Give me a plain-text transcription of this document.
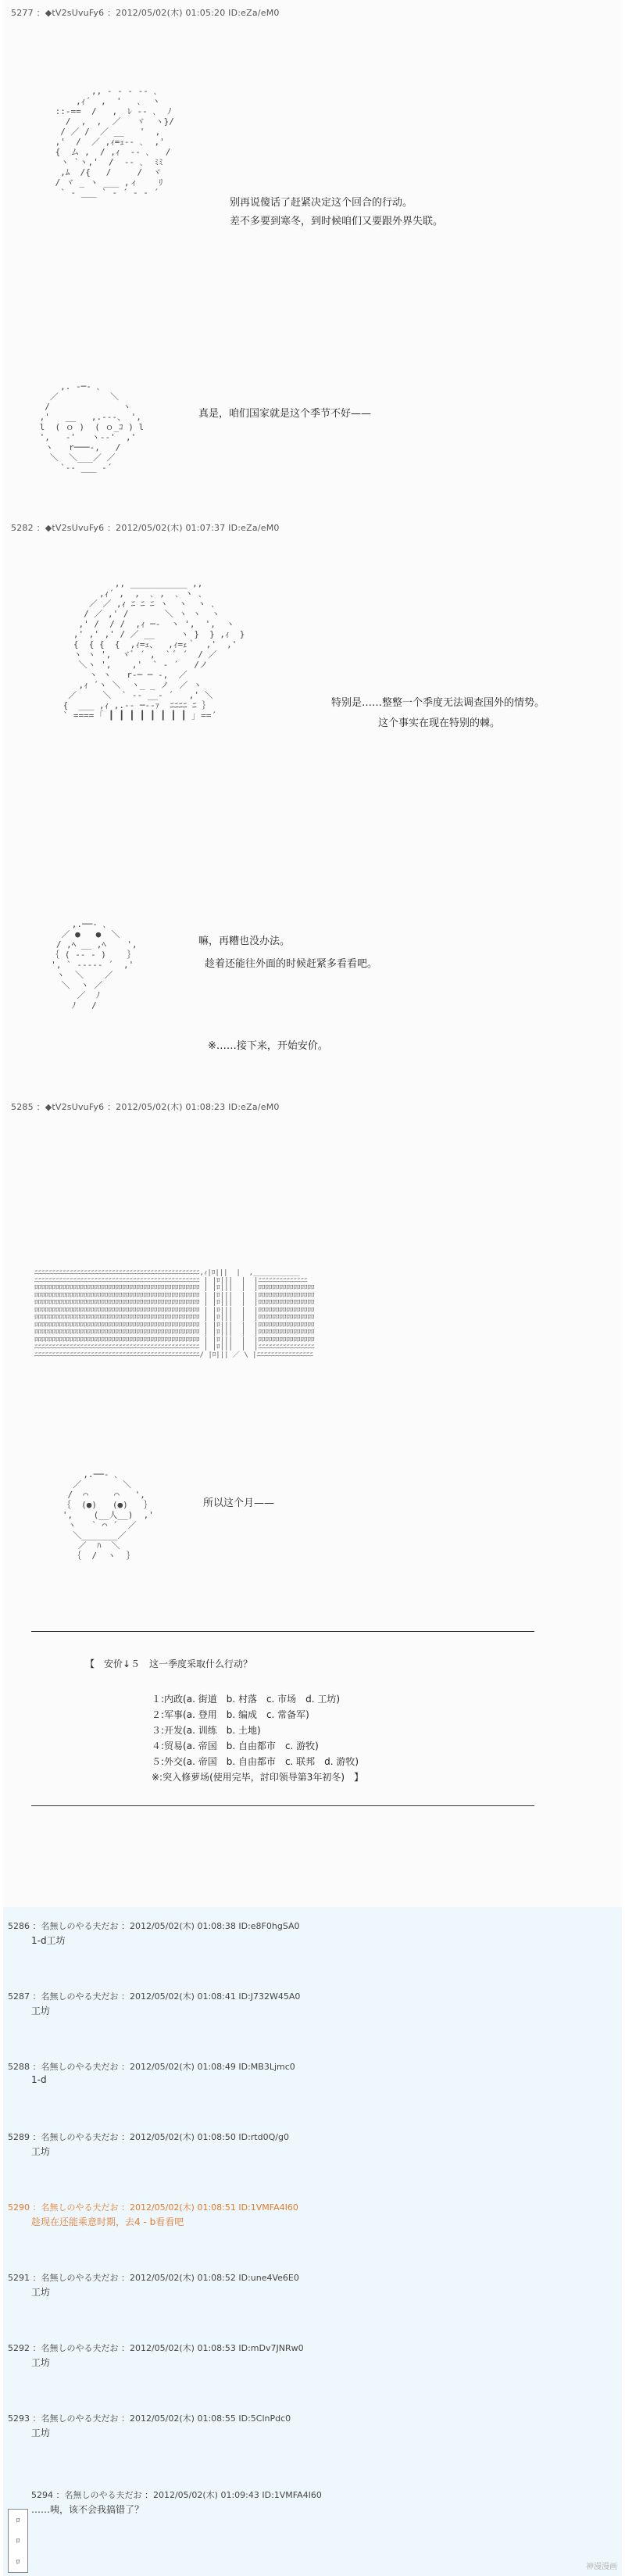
5277 ：◆tV2sUvuFy6 ：2012/05/02(木) 01:05:20 ID:eZa/eM0
,, ‐ ‐ ‐ ‐- ､
,ｨ´  ,  '   ､  ヽ
::-==  /   ,  ﾚ ‐- ､  ﾉ
/  ,  ,  ／   ヾ  ヽ}/
/ ／ /  ／ __   '  ,
,'  /  ／ ,ｨ=ｪ-‐ ､  ,'
{  ム ,  / ,ｨ  ‐- ､   /
ヽ `ヽ,'  /  ‐- ､  ﾐﾐ
,ﾑ  /{   /     /  ヾ
/ ヾ _ ヽ ___ ,ィ    ﾘ
` - ___ ` ‐ ´ ‐ ‐ ´
别再说傻话了赶紧决定这个回合的行动。
差不多要到寒冬，到时候咱们又要跟外界失联。
,. ‐─‐ ､
／          ＼
/              ヽ
,'   __   ,.-‐-、 ',
l  ( ｏ )  ( ｏ_ｺ ) l
',   ‐'   ヽ-‐'  ,'
ヽ   r───‐,   /
＼  ＼___／ ／
`‐- ___ ‐´
真是，咱们国家就是这个季节不好——
5282 ：◆tV2sUvuFy6 ：2012/05/02(木) 01:07:37 ID:eZa/eM0
,, ___________ ,,
,ｨ´ ,  ,  ､ ,  ､ ヽ ､
／ ／ ,ｨ ﾆ ﾆ ﾆ ヽ  ヽ  ヽ ､
/ ／ ,' /       ＼ ヽ ヽ  ヽ
,' /  / /  ,ｨ ─‐  ヽ ',  ',  ヽ
,' ,' ,' / ／ __     ヽ }  } ,ｨ  }
{  { {  {  ,ｨ=ｪ、  ,ｨ=ｪ｀  ,'  ,'
ヽ ヽ ',  ヾﾞ ´ ,  ` ﾞ ´  / ／
＼ヽ ',    ,'  ` ‐ ´   /ノ
ヽ ヽ   r‐─ ─ ‐,  ／
,ｨ ´ヽ ＼  ヽ_ _ ノ  ／ ヽ
／     ＼  ` ‐- __‐ ´   ,' ＼
{  ___ ,ｨ ,.-‐ ─‐-ｧ  ﾆﾆﾆﾆ ﾆ ｝
` ==== ｢ ┃ ┃ ┃ ┃ ┃ ┃ ┃ ┃ ｣ ==´
特别是……整整一个季度无法调查国外的情势。
这个事实在现在特别的棘。
,.──‐ ､
／ ●   ●  ＼
/ ,ﾍ __ ,ﾍ    ',
｛ ( ‐- ‐ )    ｝
', ` ‐---‐ ´  ,'
ヽ  ＼    ／
＼  ヽ ／
／  ﾉ
ﾉ   /
嘛，再糟也没办法。
趁着还能往外面的时候赶紧多看看吧。
※……接下来，开始安价。
5285 ：◆tV2sUvuFy6 ：2012/05/02(木) 01:08:23 ID:eZa/eM0
ﾆﾆﾆﾆﾆﾆﾆﾆﾆﾆﾆﾆﾆﾆﾆﾆﾆﾆﾆﾆﾆﾆﾆﾆﾆﾆﾆﾆﾆﾆﾆﾆﾆﾆﾆﾆﾆﾆﾆﾆﾆﾆﾆﾆﾆﾆﾆ,ｨ|ﾛ|||  |  ,___________
ﾆﾆﾆﾆﾆﾆﾆﾆﾆﾆﾆﾆﾆﾆﾆﾆﾆﾆﾆﾆﾆﾆﾆﾆﾆﾆﾆﾆﾆﾆﾆﾆﾆﾆﾆﾆﾆﾆﾆﾆﾆﾆﾆﾆﾆﾆﾆ | |ﾛ|||  |  |ﾆﾆﾆﾆﾆﾆﾆﾆﾆﾆﾆﾆﾆﾆ
ﾛﾛﾛﾛﾛﾛﾛﾛﾛﾛﾛﾛﾛﾛﾛﾛﾛﾛﾛﾛﾛﾛﾛﾛﾛﾛﾛﾛﾛﾛﾛﾛﾛﾛﾛﾛﾛﾛﾛﾛﾛﾛﾛﾛﾛﾛﾛ | |ﾛ|||  |  |ﾛﾛﾛﾛﾛﾛﾛﾛﾛﾛﾛﾛﾛﾛﾛﾛ
ﾛﾛﾛﾛﾛﾛﾛﾛﾛﾛﾛﾛﾛﾛﾛﾛﾛﾛﾛﾛﾛﾛﾛﾛﾛﾛﾛﾛﾛﾛﾛﾛﾛﾛﾛﾛﾛﾛﾛﾛﾛﾛﾛﾛﾛﾛﾛ | |ﾛ|||  |  |ﾛﾛﾛﾛﾛﾛﾛﾛﾛﾛﾛﾛﾛﾛﾛﾛ
ﾛﾛﾛﾛﾛﾛﾛﾛﾛﾛﾛﾛﾛﾛﾛﾛﾛﾛﾛﾛﾛﾛﾛﾛﾛﾛﾛﾛﾛﾛﾛﾛﾛﾛﾛﾛﾛﾛﾛﾛﾛﾛﾛﾛﾛﾛﾛ | |ﾛ|||  |  |ﾛﾛﾛﾛﾛﾛﾛﾛﾛﾛﾛﾛﾛﾛﾛﾛ
ﾛﾛﾛﾛﾛﾛﾛﾛﾛﾛﾛﾛﾛﾛﾛﾛﾛﾛﾛﾛﾛﾛﾛﾛﾛﾛﾛﾛﾛﾛﾛﾛﾛﾛﾛﾛﾛﾛﾛﾛﾛﾛﾛﾛﾛﾛﾛ | |ﾛ|||  |  |ﾛﾛﾛﾛﾛﾛﾛﾛﾛﾛﾛﾛﾛﾛﾛﾛ
ﾛﾛﾛﾛﾛﾛﾛﾛﾛﾛﾛﾛﾛﾛﾛﾛﾛﾛﾛﾛﾛﾛﾛﾛﾛﾛﾛﾛﾛﾛﾛﾛﾛﾛﾛﾛﾛﾛﾛﾛﾛﾛﾛﾛﾛﾛﾛ | |ﾛ|||  |  |ﾛﾛﾛﾛﾛﾛﾛﾛﾛﾛﾛﾛﾛﾛﾛﾛ
ﾛﾛﾛﾛﾛﾛﾛﾛﾛﾛﾛﾛﾛﾛﾛﾛﾛﾛﾛﾛﾛﾛﾛﾛﾛﾛﾛﾛﾛﾛﾛﾛﾛﾛﾛﾛﾛﾛﾛﾛﾛﾛﾛﾛﾛﾛﾛ | |ﾛ|||  |  |ﾛﾛﾛﾛﾛﾛﾛﾛﾛﾛﾛﾛﾛﾛﾛﾛ
ﾛﾛﾛﾛﾛﾛﾛﾛﾛﾛﾛﾛﾛﾛﾛﾛﾛﾛﾛﾛﾛﾛﾛﾛﾛﾛﾛﾛﾛﾛﾛﾛﾛﾛﾛﾛﾛﾛﾛﾛﾛﾛﾛﾛﾛﾛﾛ | |ﾛ|||  |  |ﾛﾛﾛﾛﾛﾛﾛﾛﾛﾛﾛﾛﾛﾛﾛﾛ
ﾛﾛﾛﾛﾛﾛﾛﾛﾛﾛﾛﾛﾛﾛﾛﾛﾛﾛﾛﾛﾛﾛﾛﾛﾛﾛﾛﾛﾛﾛﾛﾛﾛﾛﾛﾛﾛﾛﾛﾛﾛﾛﾛﾛﾛﾛﾛ | |ﾛ|||  |  |ﾛﾛﾛﾛﾛﾛﾛﾛﾛﾛﾛﾛﾛﾛﾛﾛ
ﾆﾆﾆﾆﾆﾆﾆﾆﾆﾆﾆﾆﾆﾆﾆﾆﾆﾆﾆﾆﾆﾆﾆﾆﾆﾆﾆﾆﾆﾆﾆﾆﾆﾆﾆﾆﾆﾆﾆﾆﾆﾆﾆﾆﾆﾆﾆ | |ﾛ|||  |  |ﾆﾆﾆﾆﾆﾆﾆﾆﾆﾆﾆﾆﾆﾆﾆﾆ
ﾆﾆﾆﾆﾆﾆﾆﾆﾆﾆﾆﾆﾆﾆﾆﾆﾆﾆﾆﾆﾆﾆﾆﾆﾆﾆﾆﾆﾆﾆﾆﾆﾆﾆﾆﾆﾆﾆﾆﾆﾆﾆﾆﾆﾆﾆﾆ/ |ﾛ||| ／ \ |ﾆﾆﾆﾆﾆﾆﾆﾆﾆﾆﾆﾆﾆﾆﾆﾆ
,.──‐ ､
／        ＼
/  ⌒     ⌒   ',
｛  (●)   (●)   ｝
',    (__人__)  ,'
ヽ   ` ⌒ ´  ／
＼_______／
／  ﾊ  ＼
｛  /  ヽ  ｝
所以这个月——
【　安价↓５　这一季度采取什么行动？
１:内政(a. 街道　b. 村落　c. 市场　d. 工坊)
２:军事(a. 登用　b. 编成　c. 常备军)
３:开发(a. 训练　b. 土地)
４:贸易(a. 帝国　b. 自由都市　c. 游牧)
５:外交(a. 帝国　b. 自由都市　c. 联邦　d. 游牧)
※:突入修萝场(使用完毕，討印领导第3年初冬)　】
5286 ：名無しのやる夫だお ：2012/05/02(木) 01:08:38 ID:e8F0hgSA0
1-d工坊
5287 ：名無しのやる夫だお ：2012/05/02(木) 01:08:41 ID:J732W45A0
工坊
5288 ：名無しのやる夫だお ：2012/05/02(木) 01:08:49 ID:MB3Ljmc0
1-d
5289 ：名無しのやる夫だお ：2012/05/02(木) 01:08:50 ID:rtd0Q/g0
工坊
5290 ：名無しのやる夫だお ：2012/05/02(木) 01:08:51 ID:1VMFA4I60
趁现在还能乘意时期，去4 - b看看吧
5291 ：名無しのやる夫だお ：2012/05/02(木) 01:08:52 ID:une4Ve6E0
工坊
5292 ：名無しのやる夫だお ：2012/05/02(木) 01:08:53 ID:mDv7JNRw0
工坊
5293 ：名無しのやる夫だお ：2012/05/02(木) 01:08:55 ID:5ClnPdc0
工坊
ﾛ
ﾛ
ﾛ
5294 ：名無しのやる夫だお ：2012/05/02(木) 01:09:43 ID:1VMFA4I60
……咦，该不会我搞错了？
神漫漫画
